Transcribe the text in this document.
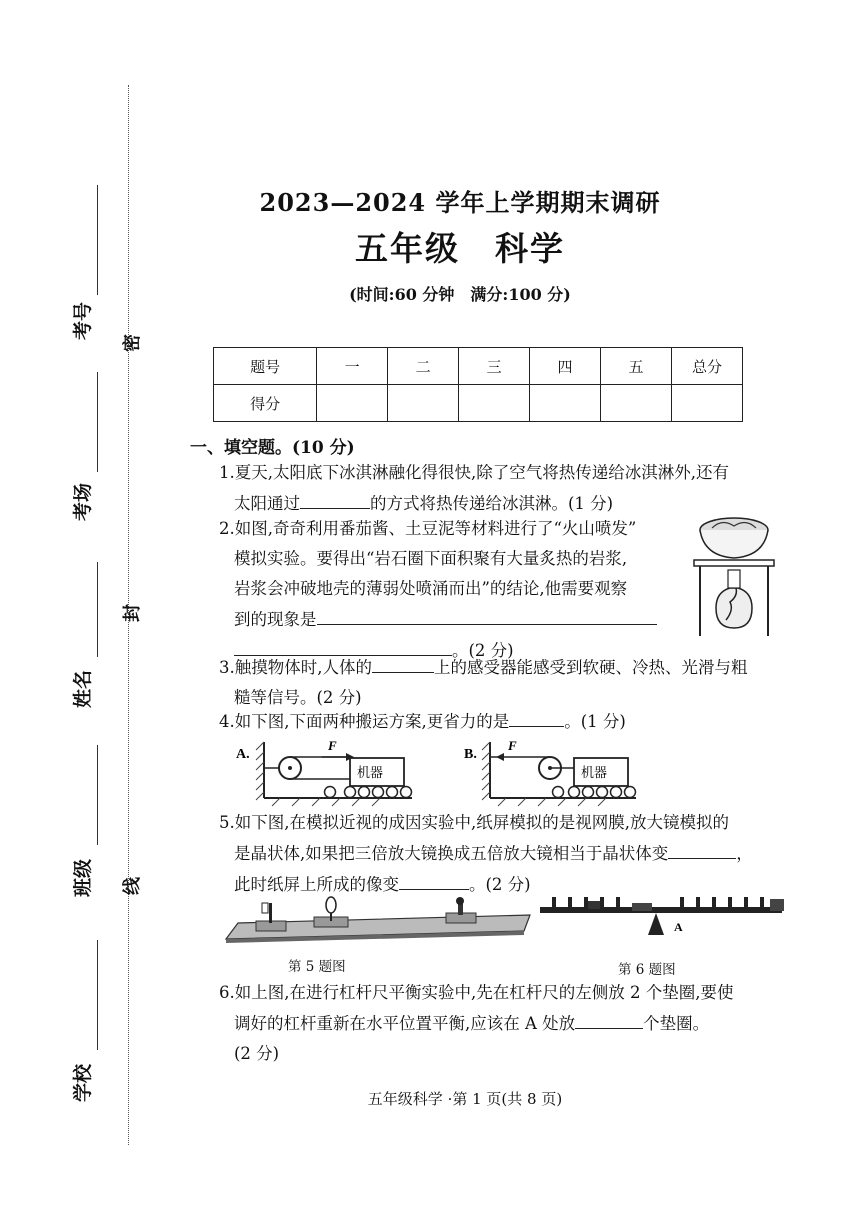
考号
考场
姓名
班级
学校
密
封
线
2023—2024 学年上学期期末调研
五年级　科学
(时间:60 分钟　满分:100 分)
题号	一	二	三	四	五	总分
得分						
一、填空题。(10 分)
1.夏天,太阳底下冰淇淋融化得很快,除了空气将热传递给冰淇淋外,还有
太阳通过	的方式将热传递给冰淇淋。(1 分)
2.如图,奇奇利用番茄酱、土豆泥等材料进行了“火山喷发”
模拟实验。要得出“岩石圈下面积聚有大量炙热的岩浆,
岩浆会冲破地壳的薄弱处喷涌而出”的结论,他需要观察
到的现象是
。(2 分)
3.触摸物体时,人体的	上的感受器能感受到软硬、冷热、光滑与粗
糙等信号。(2 分)
4.如下图,下面两种搬运方案,更省力的是	。(1 分)
A.
F
机器
B.
F
机器
5.如下图,在模拟近视的成因实验中,纸屏模拟的是视网膜,放大镜模拟的
是晶状体,如果把三倍放大镜换成五倍放大镜相当于晶状体变	，
此时纸屏上所成的像变	。(2 分)
第 5 题图
A
第 6 题图
6.如上图,在进行杠杆尺平衡实验中,先在杠杆尺的左侧放 2 个垫圈,要使
调好的杠杆重新在水平位置平衡,应该在 A 处放	个垫圈。
(2 分)
五年级科学 ·第 1 页(共 8 页)
